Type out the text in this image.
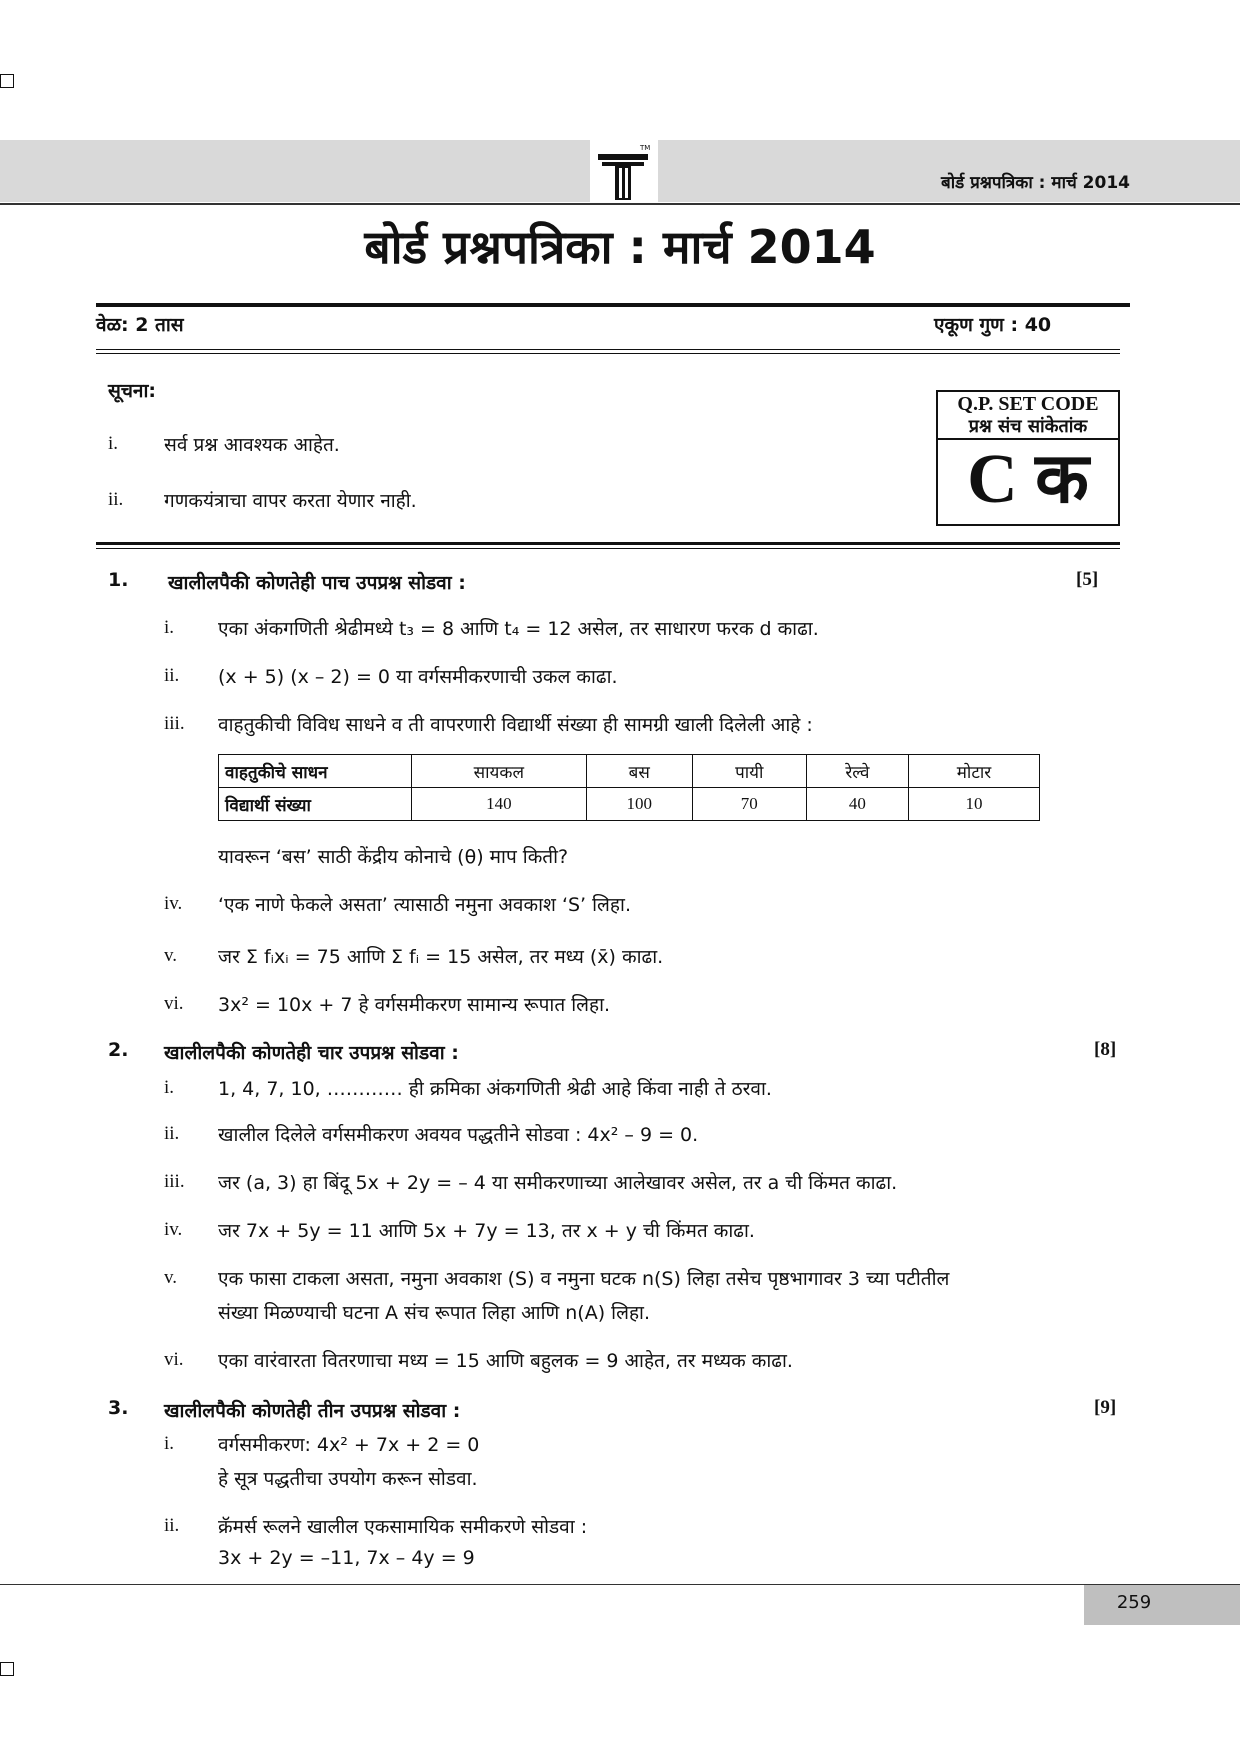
TM
बोर्ड प्रश्नपत्रिका : मार्च 2014
बोर्ड प्रश्नपत्रिका : मार्च 2014
वेळ: 2 तास	एकूण गुण : 40
सूचना:
i. सर्व प्रश्न आवश्यक आहेत.
ii. गणकयंत्राचा वापर करता येणार नाही.
Q.P. SET CODE
प्रश्न संच सांकेतांक
C क
1. खालीलपैकी कोणतेही पाच उपप्रश्न सोडवा :	[5]
i. एका अंकगणिती श्रेढीमध्ये t₃ = 8 आणि t₄ = 12 असेल, तर साधारण फरक d काढा.
ii. (x + 5) (x – 2) = 0 या वर्गसमीकरणाची उकल काढा.
iii. वाहतुकीची विविध साधने व ती वापरणारी विद्यार्थी संख्या ही सामग्री खाली दिलेली आहे :
वाहतुकीचे साधन	सायकल	बस	पायी	रेल्वे	मोटार
विद्यार्थी संख्या	140	100	70	40	10
यावरून ‘बस’ साठी केंद्रीय कोनाचे (θ) माप किती?
iv. ‘एक नाणे फेकले असता’ त्यासाठी नमुना अवकाश ‘S’ लिहा.
v. जर Σ fᵢxᵢ = 75 आणि Σ fᵢ = 15 असेल, तर मध्य (x̄) काढा.
vi. 3x² = 10x + 7 हे वर्गसमीकरण सामान्य रूपात लिहा.
2. खालीलपैकी कोणतेही चार उपप्रश्न सोडवा :	[8]
i. 1, 4, 7, 10, ………… ही क्रमिका अंकगणिती श्रेढी आहे किंवा नाही ते ठरवा.
ii. खालील दिलेले वर्गसमीकरण अवयव पद्धतीने सोडवा : 4x² – 9 = 0.
iii. जर (a, 3) हा बिंदू 5x + 2y = – 4 या समीकरणाच्या आलेखावर असेल, तर a ची किंमत काढा.
iv. जर 7x + 5y = 11 आणि 5x + 7y = 13, तर x + y ची किंमत काढा.
v. एक फासा टाकला असता, नमुना अवकाश (S) व नमुना घटक n(S) लिहा तसेच पृष्ठभागावर 3 च्या पटीतील
संख्या मिळण्याची घटना A संच रूपात लिहा आणि n(A) लिहा.
vi. एका वारंवारता वितरणाचा मध्य = 15 आणि बहुलक = 9 आहेत, तर मध्यक काढा.
3. खालीलपैकी कोणतेही तीन उपप्रश्न सोडवा :	[9]
i. वर्गसमीकरण: 4x² + 7x + 2 = 0
हे सूत्र पद्धतीचा उपयोग करून सोडवा.
ii. क्रॅमर्स रूलने खालील एकसामायिक समीकरणे सोडवा :
3x + 2y = –11, 7x – 4y = 9
259
